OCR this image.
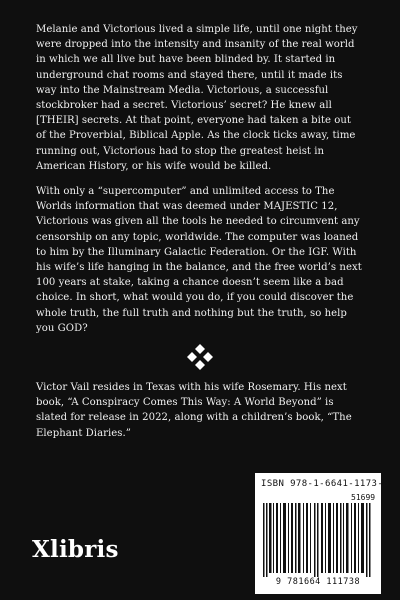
Melanie and Victorious lived a simple life, until one night they were dropped into the intensity and insanity of the real world in which we all live but have been blinded by. It started in underground chat rooms and stayed there, until it made its way into the Mainstream Media. Victorious, a successful stockbroker had a secret. Victorious’ secret? He knew all [THEIR] secrets. At that point, everyone had taken a bite out of the Proverbial, Biblical Apple. As the clock ticks away, time running out, Victorious had to stop the greatest heist in American History, or his wife would be killed.

With only a “supercomputer” and unlimited access to The Worlds information that was deemed under MAJESTIC 12, Victorious was given all the tools he needed to circumvent any censorship on any topic, worldwide. The computer was loaned to him by the Illuminary Galactic Federation. Or the IGF. With his wife’s life hanging in the balance, and the free world’s next 100 years at stake, taking a chance doesn’t seem like a bad choice. In short, what would you do, if you could discover the whole truth, the full truth and nothing but the truth, so help you GOD?

Victor Vail resides in Texas with his wife Rosemary. His next book, “A Conspiracy Comes This Way: A World Beyond” is slated for release in 2022, along with a children’s book, “The Elephant Diaries.”

Xlibris
ISBN 978-1-6641-1173-8
51699
9 781664 111738
